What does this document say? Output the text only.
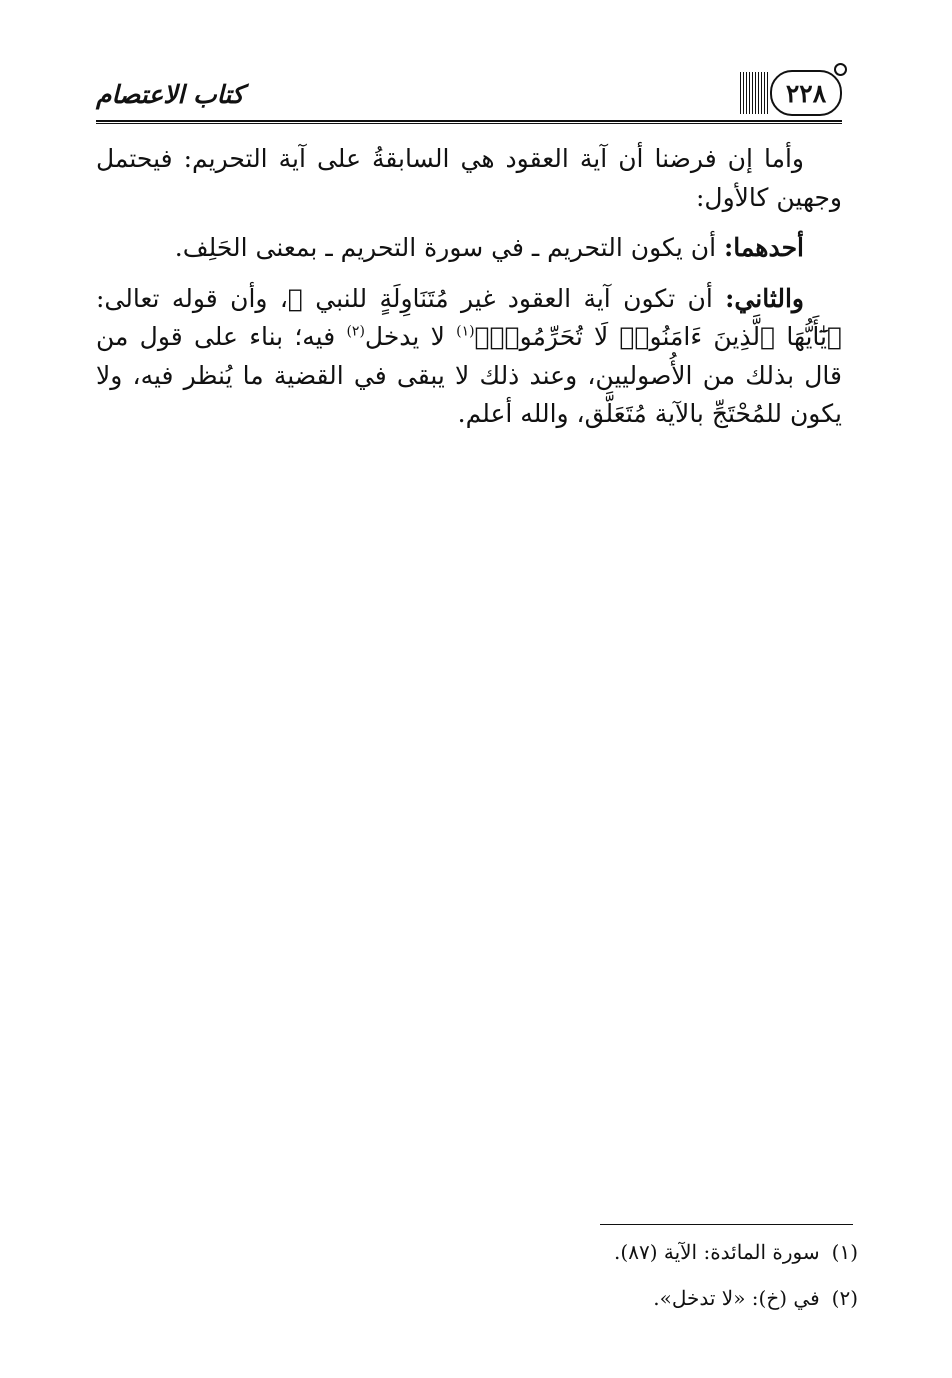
كتاب الاعتصام	٢٢٨

وأما إن فرضنا أن آية العقود هي السابقةُ على آية التحريم: فيحتمل وجهين كالأول:

أحدهما: أن يكون التحريم ـ في سورة التحريم ـ بمعنى الحَلِف.

والثاني: أن تكون آية العقود غير مُتَنَاوِلَةٍ للنبي ﷺ، وأن قوله تعالى: ﴿يَٰٓأَيُّهَا ٱلَّذِينَ ءَامَنُوا۟ لَا تُحَرِّمُوا۟﴾$^{(١)}$ لا يدخل$^{(٢)}$ فيه؛ بناء على قول من قال بذلك من الأُصوليين، وعند ذلك لا يبقى في القضية ما يُنظر فيه، ولا يكون للمُحْتَجِّ بالآية مُتَعَلَّق، والله أعلم.

(١) سورة المائدة: الآية (٨٧).
(٢) في (خ): «لا تدخل».
